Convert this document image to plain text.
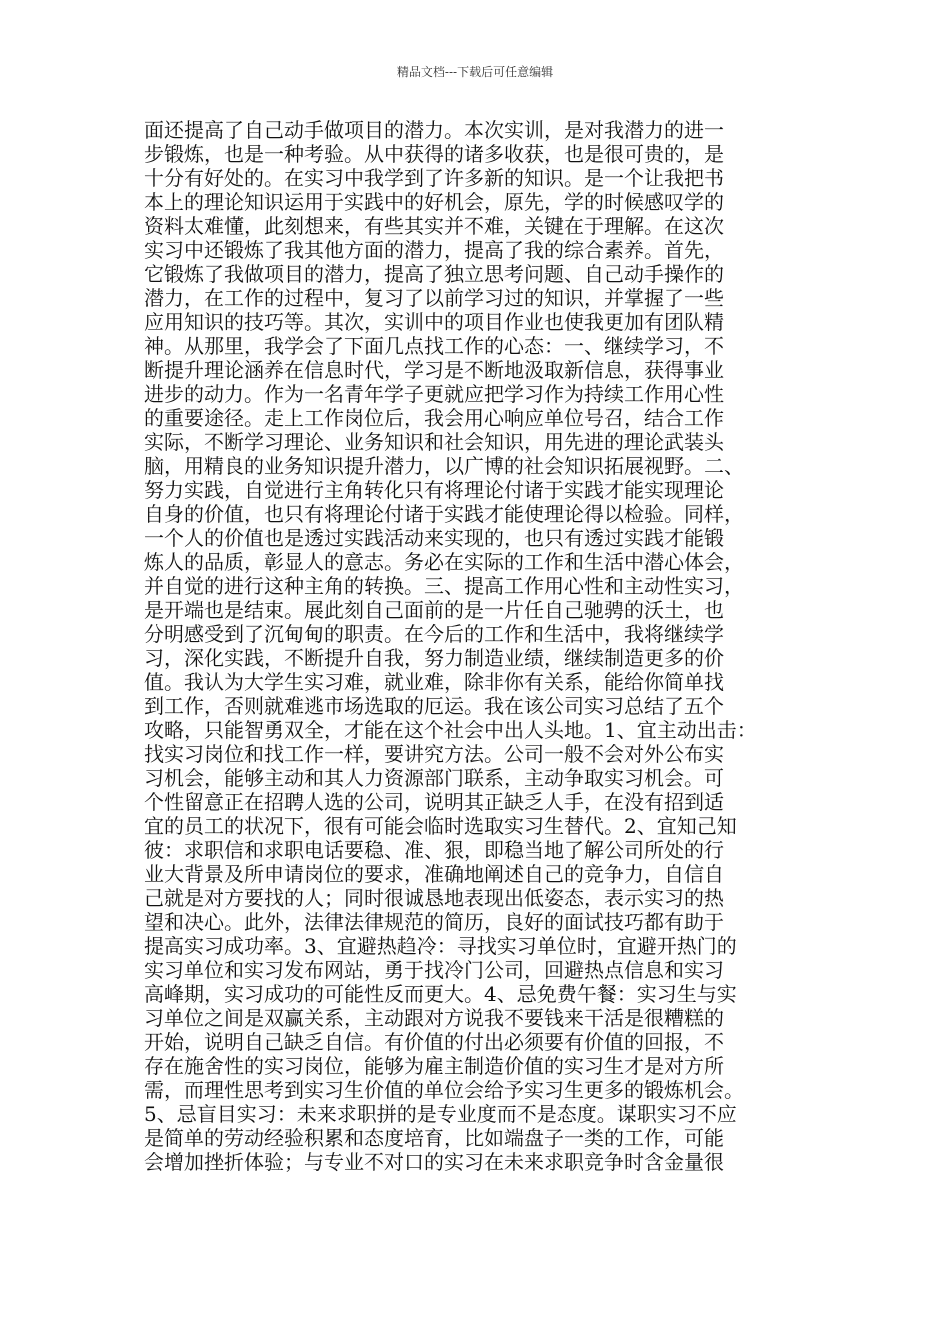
精品文档---下载后可任意编辑
面还提高了自己动手做项目的潜力。本次实训，是对我潜力的进一
步锻炼，也是一种考验。从中获得的诸多收获，也是很可贵的，是
十分有好处的。在实习中我学到了许多新的知识。是一个让我把书
本上的理论知识运用于实践中的好机会，原先，学的时候感叹学的
资料太难懂，此刻想来，有些其实并不难，关键在于理解。在这次
实习中还锻炼了我其他方面的潜力，提高了我的综合素养。首先，
它锻炼了我做项目的潜力，提高了独立思考问题、自己动手操作的
潜力，在工作的过程中，复习了以前学习过的知识，并掌握了一些
应用知识的技巧等。其次，实训中的项目作业也使我更加有团队精
神。从那里，我学会了下面几点找工作的心态：一、继续学习，不
断提升理论涵养在信息时代，学习是不断地汲取新信息，获得事业
进步的动力。作为一名青年学子更就应把学习作为持续工作用心性
的重要途径。走上工作岗位后，我会用心响应单位号召，结合工作
实际，不断学习理论、业务知识和社会知识，用先进的理论武装头
脑，用精良的业务知识提升潜力，以广博的社会知识拓展视野。二、
努力实践，自觉进行主角转化只有将理论付诸于实践才能实现理论
自身的价值，也只有将理论付诸于实践才能使理论得以检验。同样，
一个人的价值也是透过实践活动来实现的，也只有透过实践才能锻
炼人的品质，彰显人的意志。务必在实际的工作和生活中潜心体会，
并自觉的进行这种主角的转换。三、提高工作用心性和主动性实习，
是开端也是结束。展此刻自己面前的是一片任自己驰骋的沃土，也
分明感受到了沉甸甸的职责。在今后的工作和生活中，我将继续学
习，深化实践，不断提升自我，努力制造业绩，继续制造更多的价
值。我认为大学生实习难，就业难，除非你有关系，能给你简单找
到工作，否则就难逃市场选取的厄运。我在该公司实习总结了五个
攻略，只能智勇双全，才能在这个社会中出人头地。1、宜主动出击：
找实习岗位和找工作一样，要讲究方法。公司一般不会对外公布实
习机会，能够主动和其人力资源部门联系，主动争取实习机会。可
个性留意正在招聘人选的公司，说明其正缺乏人手，在没有招到适
宜的员工的状况下，很有可能会临时选取实习生替代。2、宜知己知
彼：求职信和求职电话要稳、准、狠，即稳当地了解公司所处的行
业大背景及所申请岗位的要求，准确地阐述自己的竞争力，自信自
己就是对方要找的人；同时很诚恳地表现出低姿态，表示实习的热
望和决心。此外，法律法律规范的简历，良好的面试技巧都有助于
提高实习成功率。3、宜避热趋冷：寻找实习单位时，宜避开热门的
实习单位和实习发布网站，勇于找冷门公司，回避热点信息和实习
高峰期，实习成功的可能性反而更大。4、忌免费午餐：实习生与实
习单位之间是双赢关系，主动跟对方说我不要钱来干活是很糟糕的
开始，说明自己缺乏自信。有价值的付出必须要有价值的回报，不
存在施舍性的实习岗位，能够为雇主制造价值的实习生才是对方所
需，而理性思考到实习生价值的单位会给予实习生更多的锻炼机会。
5、忌盲目实习：未来求职拼的是专业度而不是态度。谋职实习不应
是简单的劳动经验积累和态度培育，比如端盘子一类的工作，可能
会增加挫折体验；与专业不对口的实习在未来求职竞争时含金量很
